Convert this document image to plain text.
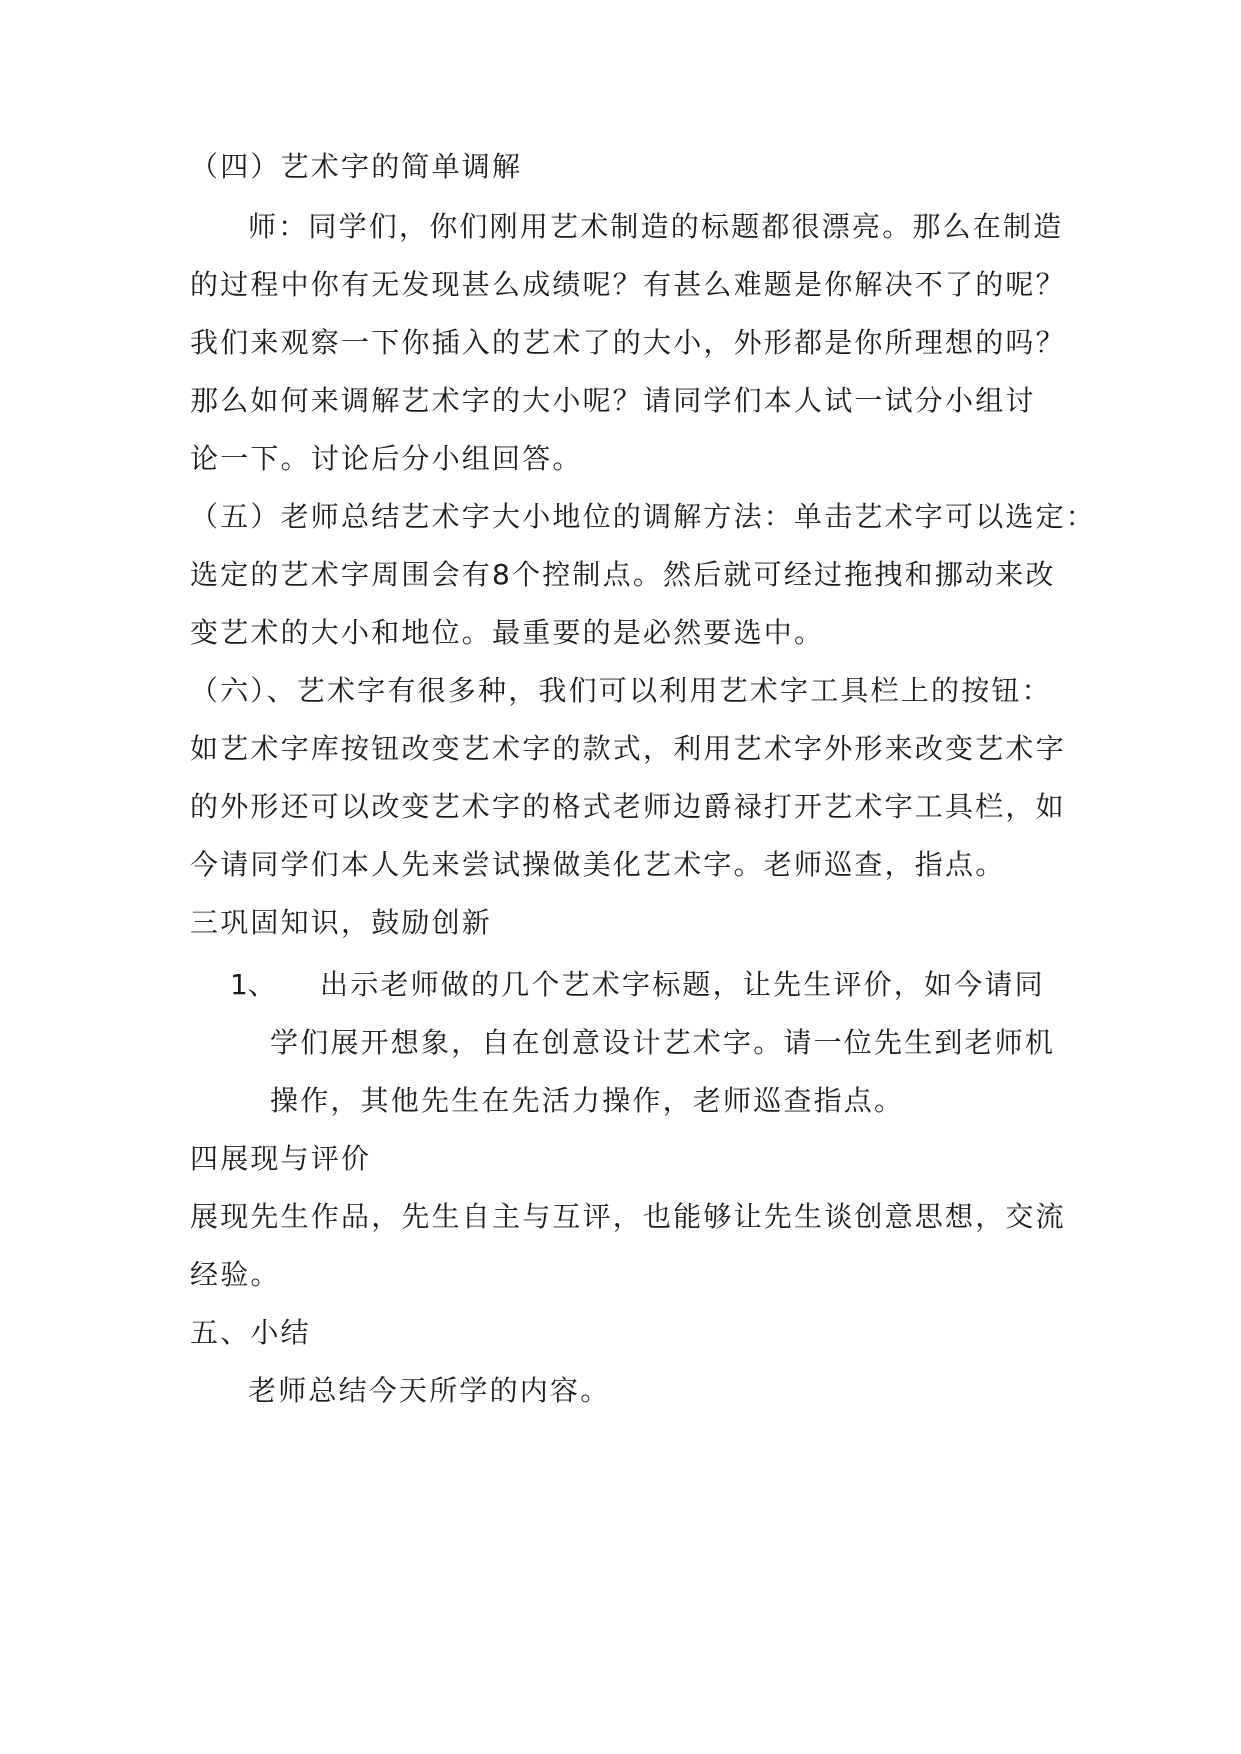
（四）艺术字的简单调解
师：同学们，你们刚用艺术制造的标题都很漂亮。那么在制造
的过程中你有无发现甚么成绩呢？有甚么难题是你解决不了的呢？
我们来观察一下你插入的艺术了的大小，外形都是你所理想的吗？
那么如何来调解艺术字的大小呢？请同学们本人试一试分小组讨
论一下。讨论后分小组回答。
（五）老师总结艺术字大小地位的调解方法：单击艺术字可以选定：
选定的艺术字周围会有8个控制点。然后就可经过拖拽和挪动来改
变艺术的大小和地位。最重要的是必然要选中。
（六）、艺术字有很多种，我们可以利用艺术字工具栏上的按钮：
如艺术字库按钮改变艺术字的款式，利用艺术字外形来改变艺术字
的外形还可以改变艺术字的格式老师边爵禄打开艺术字工具栏，如
今请同学们本人先来尝试操做美化艺术字。老师巡查，指点。
三巩固知识，鼓励创新
1、 出示老师做的几个艺术字标题，让先生评价，如今请同
学们展开想象，自在创意设计艺术字。请一位先生到老师机
操作，其他先生在先活力操作，老师巡查指点。
四展现与评价
展现先生作品，先生自主与互评，也能够让先生谈创意思想，交流
经验。
五、小结
老师总结今天所学的内容。
